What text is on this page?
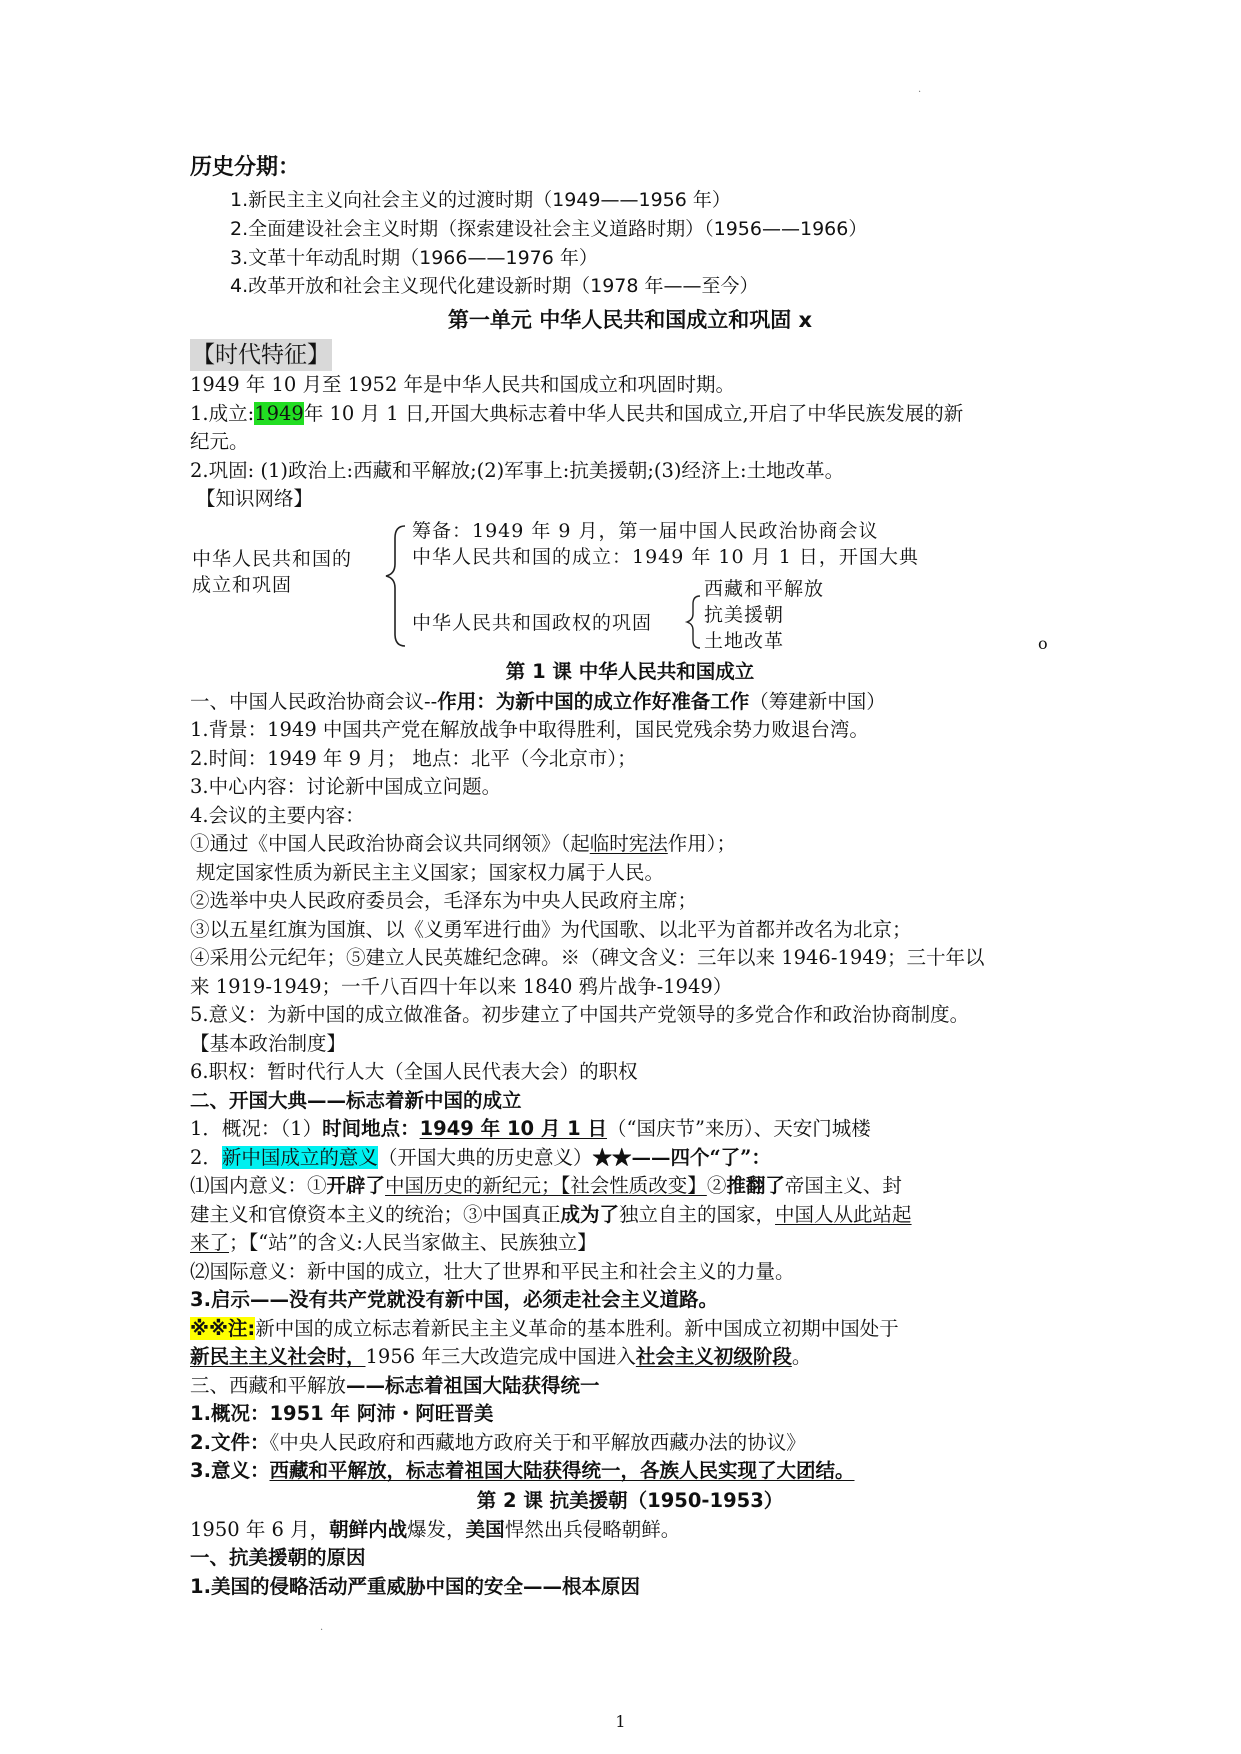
.
历史分期：
1.新民主主义向社会主义的过渡时期（1949——1956 年）
2.全面建设社会主义时期（探索建设社会主义道路时期）（1956——1966）
3.文革十年动乱时期（1966——1976 年）
4.改革开放和社会主义现代化建设新时期（1978 年——至今）
第一单元 中华人民共和国成立和巩固 x
【时代特征】
1949 年 10 月至 1952 年是中华人民共和国成立和巩固时期。
1.成立:1949年 10 月 1 日,开国大典标志着中华人民共和国成立,开启了中华民族发展的新
纪元。
2.巩固: (1)政治上:西藏和平解放;(2)军事上:抗美援朝;(3)经济上:土地改革。
【知识网络】
中华人民共和国的
成立和巩固
筹备：1949 年 9 月，第一届中国人民政治协商会议
中华人民共和国的成立：1949 年 10 月 1 日，开国大典
中华人民共和国政权的巩固
西藏和平解放
抗美援朝
土地改革	o
第 1 课 中华人民共和国成立
一、中国人民政治协商会议--作用：为新中国的成立作好准备工作（筹建新中国）
1.背景：1949 中国共产党在解放战争中取得胜利，国民党残余势力败退台湾。
2.时间：1949 年 9 月； 地点：北平（今北京市）；
3.中心内容：讨论新中国成立问题。
4.会议的主要内容：
①通过《中国人民政治协商会议共同纲领》（起临时宪法作用）；
规定国家性质为新民主主义国家；国家权力属于人民。
②选举中央人民政府委员会，毛泽东为中央人民政府主席；
③以五星红旗为国旗、以《义勇军进行曲》为代国歌、以北平为首都并改名为北京；
④采用公元纪年；⑤建立人民英雄纪念碑。※（碑文含义：三年以来 1946-1949；三十年以
来 1919-1949；一千八百四十年以来 1840 鸦片战争-1949）
5.意义：为新中国的成立做准备。初步建立了中国共产党领导的多党合作和政治协商制度。
【基本政治制度】
6.职权：暂时代行人大（全国人民代表大会）的职权
二、开国大典——标志着新中国的成立
1．概况：（1）时间地点：1949 年 10 月 1 日（“国庆节”来历）、天安门城楼
2．新中国成立的意义（开国大典的历史意义）★★——四个“了”：
⑴国内意义：①开辟了中国历史的新纪元；【社会性质改变】②推翻了帝国主义、封
建主义和官僚资本主义的统治；③中国真正成为了独立自主的国家，中国人从此站起
来了；【“站”的含义:人民当家做主、民族独立】
⑵国际意义：新中国的成立，壮大了世界和平民主和社会主义的力量。
3.启示——没有共产党就没有新中国，必须走社会主义道路。
※※注:新中国的成立标志着新民主主义革命的基本胜利。新中国成立初期中国处于
新民主主义社会时，1956 年三大改造完成中国进入社会主义初级阶段。
三、西藏和平解放——标志着祖国大陆获得统一
1.概况：1951 年 阿沛・阿旺晋美
2.文件：《中央人民政府和西藏地方政府关于和平解放西藏办法的协议》
3.意义：西藏和平解放，标志着祖国大陆获得统一，各族人民实现了大团结。
第 2 课 抗美援朝（1950-1953）
1950 年 6 月，朝鲜内战爆发，美国悍然出兵侵略朝鲜。
一、抗美援朝的原因
1.美国的侵略活动严重威胁中国的安全——根本原因
.
1
